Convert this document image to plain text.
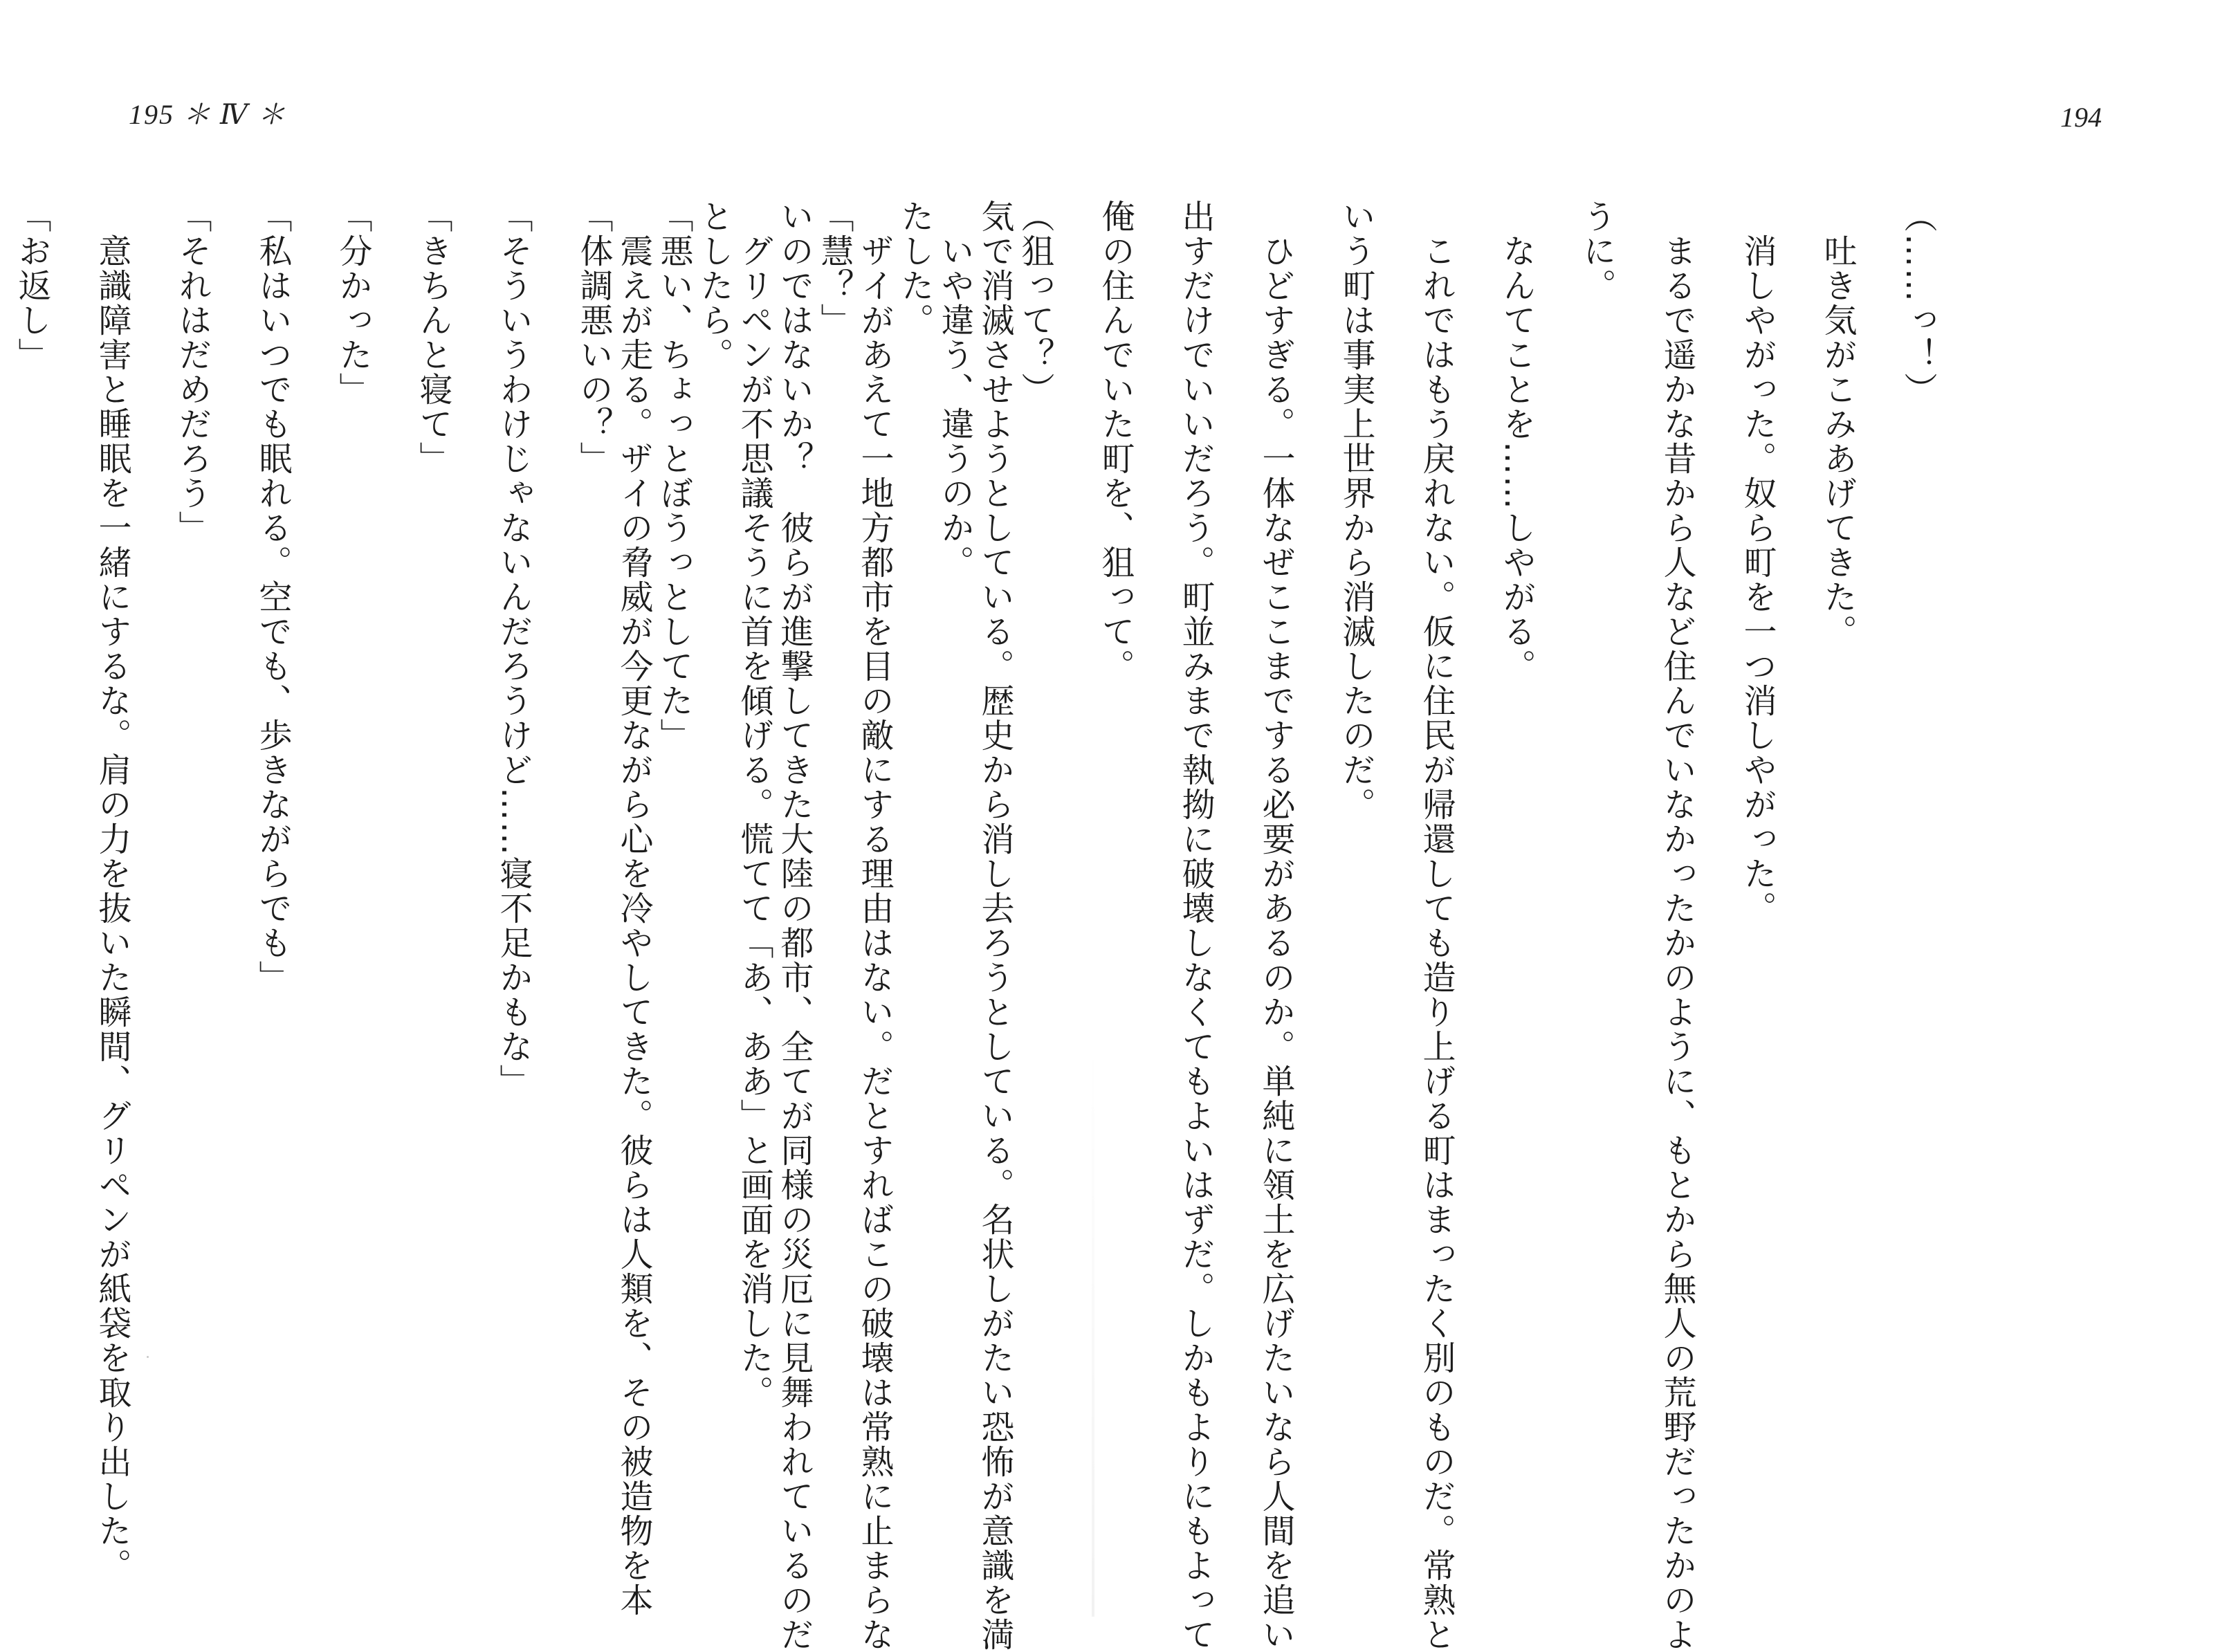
195 ＊ Ⅳ ＊	194
（……っ！）
　吐き気がこみあげてきた。
　消しやがった。奴ら町を一つ消しやがった。
　まるで遥かな昔から人など住んでいなかったかのように、もとから無人の荒野だったかのよ
うに。
　なんてことを……しやがる。
　これではもう戻れない。仮に住民が帰還しても造り上げる町はまったく別のものだ。常熟と
いう町は事実上世界から消滅したのだ。
　ひどすぎる。一体なぜここまでする必要があるのか。単純に領土を広げたいなら人間を追い
出すだけでいいだろう。町並みまで執拗に破壊しなくてもよいはずだ。しかもよりにもよって
俺の住んでいた町を、狙って。
（狙って？）
　いや違う、違うのか。
　ザイがあえて一地方都市を目の敵にする理由はない。だとすればこの破壊は常熟に止まらな
いのではないか？　彼らが進撃してきた大陸の都市、全てが同様の災厄に見舞われているのだ
としたら。
　震えが走る。ザイの脅威が今更ながら心を冷やしてきた。彼らは人類を、その被造物を本	気で消滅させようとしている。歴史から消し去ろうとしている。名状しがたい恐怖が意識を満
たした。
「慧？」
　グリペンが不思議そうに首を傾げる。慌てて「あ、ああ」と画面を消した。
「悪い、ちょっとぼうっとしてた」
「体調悪いの？」
「そういうわけじゃないんだろうけど……寝不足かもな」
「きちんと寝て」
「分かった」
「私はいつでも眠れる。空でも、歩きながらでも」
「それはだめだろう」
　意識障害と睡眠を一緒にするな。肩の力を抜いた瞬間、グリペンが紙袋を取り出した。
「お返し」
